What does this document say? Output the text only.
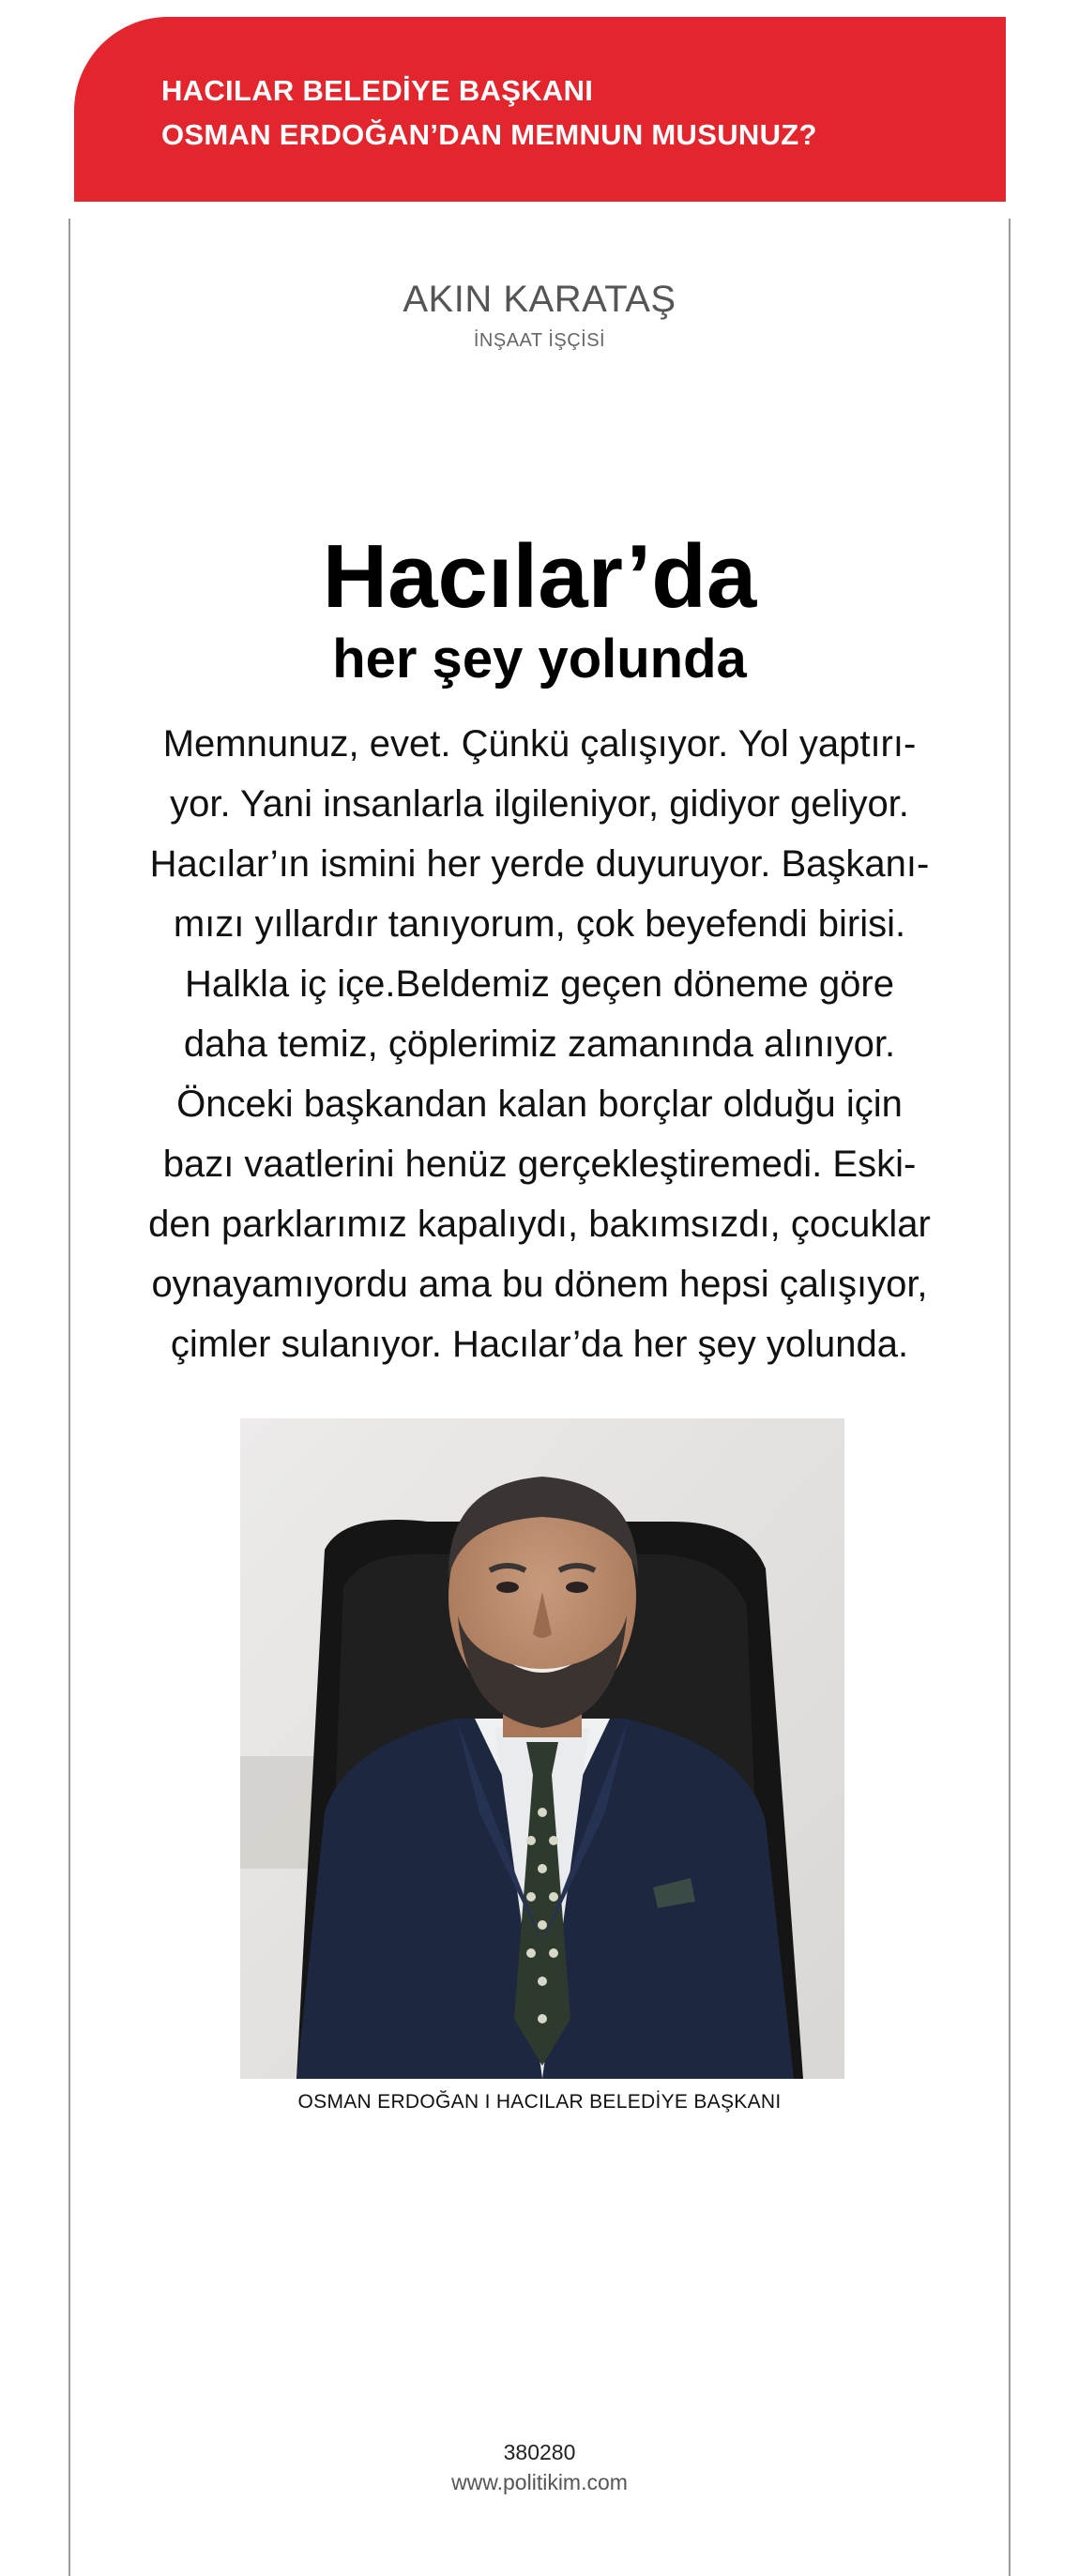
HACILAR BELEDİYE BAŞKANI
OSMAN ERDOĞAN’DAN MEMNUN MUSUNUZ?
AKIN KARATAŞ
İNŞAAT İŞÇİSİ
Hacılar’da
her şey yolunda
Memnunuz, evet. Çünkü çalışıyor. Yol yaptırı-
yor. Yani insanlarla ilgileniyor, gidiyor geliyor.
Hacılar’ın ismini her yerde duyuruyor. Başkanı-
mızı yıllardır tanıyorum, çok beyefendi birisi.
Halkla iç içe.Beldemiz geçen döneme göre
daha temiz, çöplerimiz zamanında alınıyor.
Önceki başkandan kalan borçlar olduğu için
bazı vaatlerini henüz gerçekleştiremedi. Eski-
den parklarımız kapalıydı, bakımsızdı, çocuklar
oynayamıyordu ama bu dönem hepsi çalışıyor,
çimler sulanıyor. Hacılar’da her şey yolunda.
OSMAN ERDOĞAN I HACILAR BELEDİYE BAŞKANI
380280
www.politikim.com
